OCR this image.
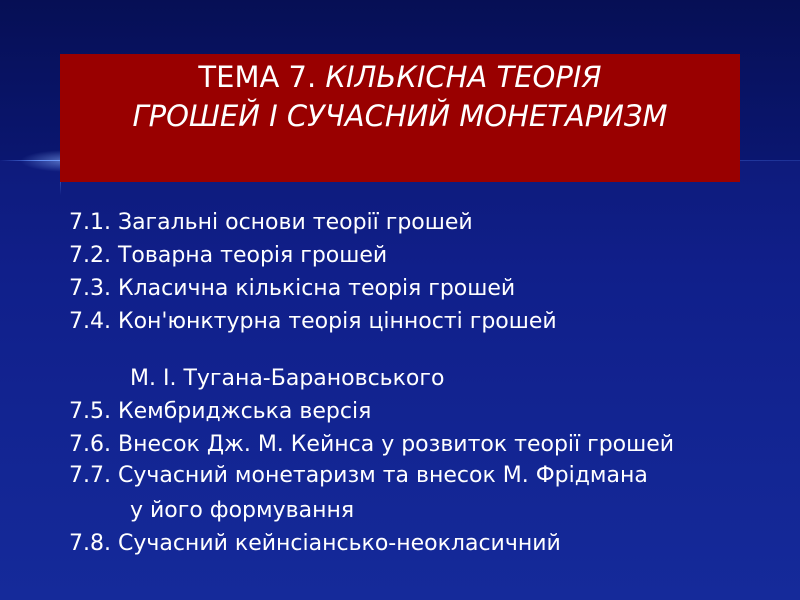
ТЕМА 7. КІЛЬКІСНА ТЕОРІЯ
ГРОШЕЙ І СУЧАСНИЙ МОНЕТАРИЗМ
7.1. Загальні основи теорії грошей
7.2. Товарна теорія грошей
7.3. Класична кількісна теорія грошей
7.4. Кон'юнктурна теорія цінності грошей
М. І. Тугана-Барановського
7.5. Кембриджська версія
7.6. Внесок Дж. М. Кейнса у розвиток теорії грошей
7.7. Сучасний монетаризм та внесок М. Фрідмана
у його формування
7.8. Сучасний кейнсіансько-неокласичний
